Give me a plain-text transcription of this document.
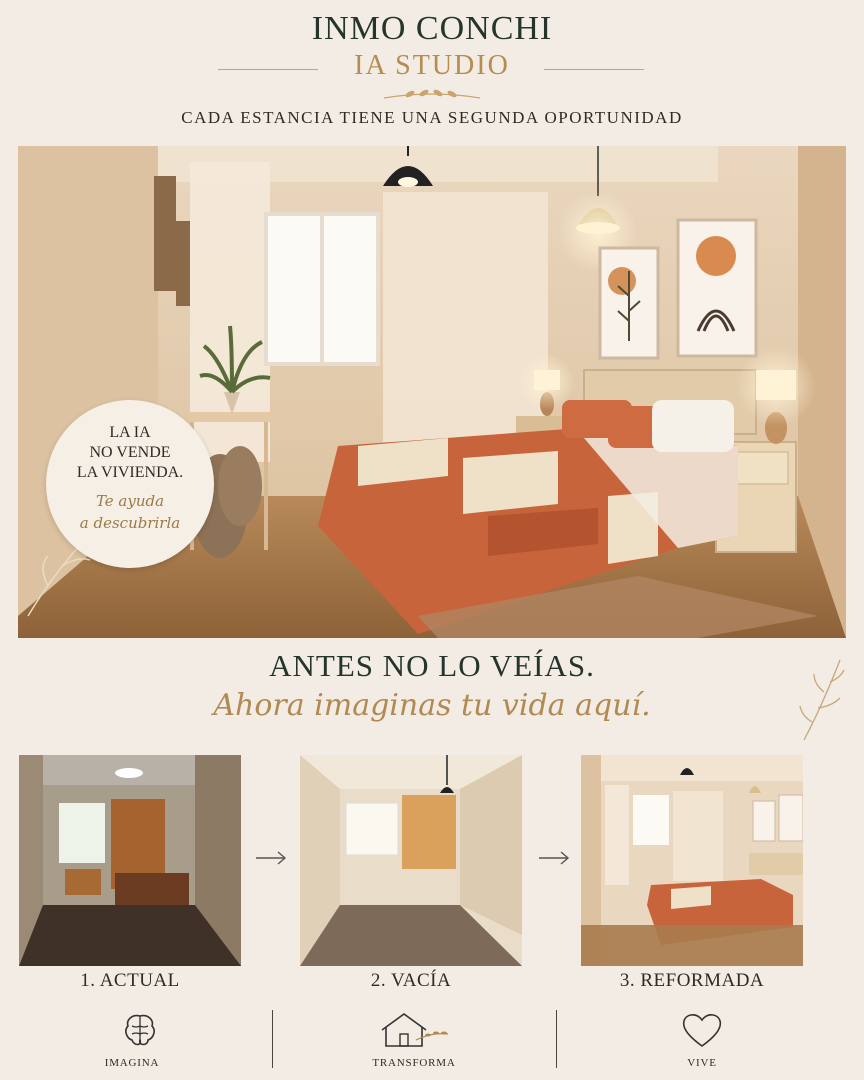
INMO CONCHI
IA STUDIO
CADA ESTANCIA TIENE UNA SEGUNDA OPORTUNIDAD
LA IA
NO VENDE
LA VIVIENDA.
Te ayuda
a descubrirla
ANTES NO LO VEÍAS.
Ahora imaginas tu vida aquí.
1. ACTUAL	2. VACÍA	3. REFORMADA
IMAGINA	TRANSFORMA	VIVE
